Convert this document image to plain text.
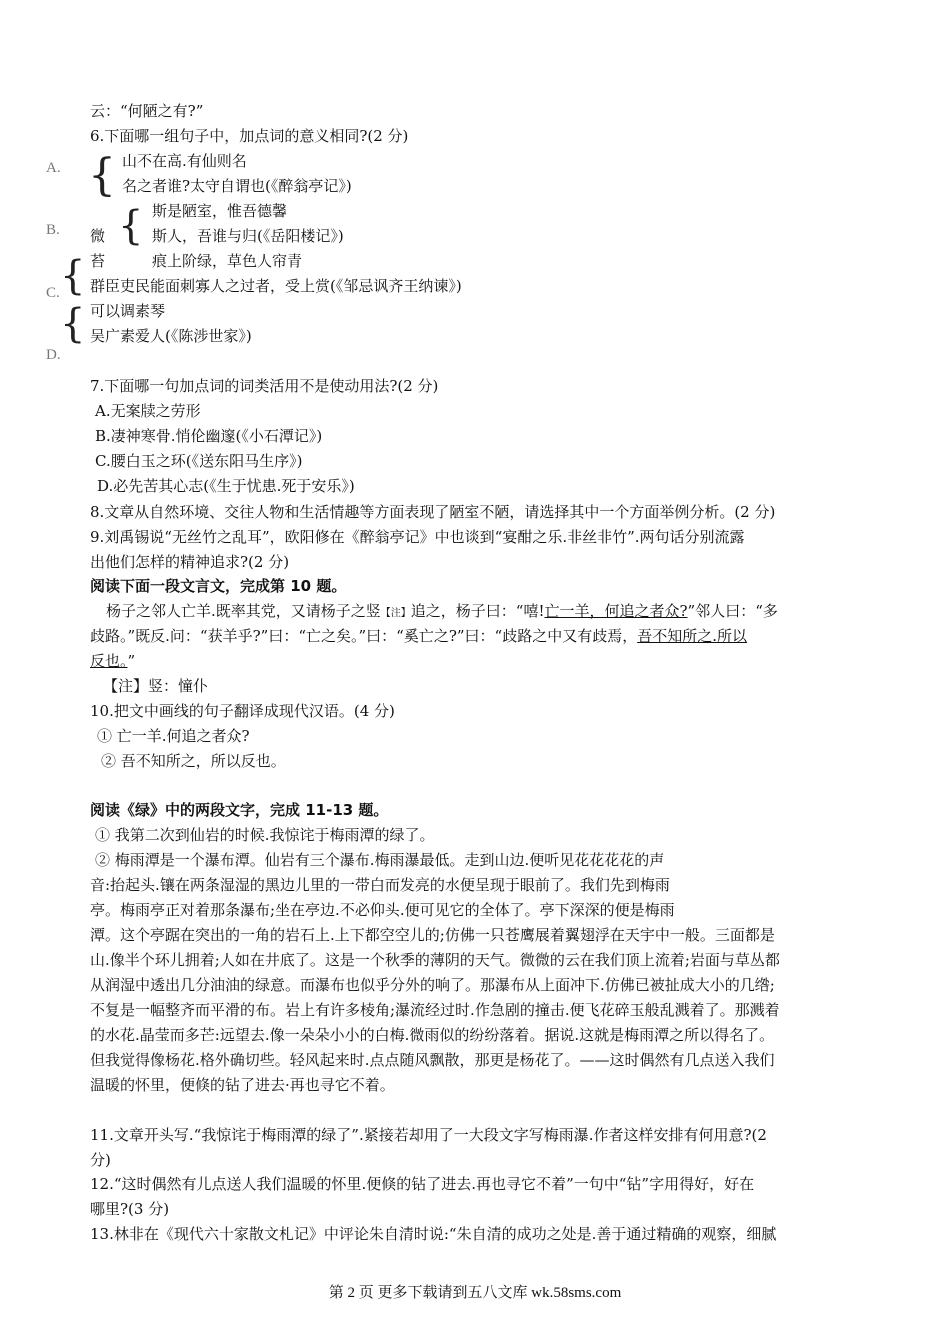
云：“何陋之有?”
6.下面哪一组句子中，加点词的意义相同?(2 分)
A.
B.
C.
D.
{ 山不在高.有仙则名
名之者谁?太守自谓也(《醉翁亭记》)
微 { 斯是陋室，惟吾德馨
斯人，吾谁与归(《岳阳楼记》)
{ 苔	痕上阶绿，草色人帘青
群臣吏民能面刺寡人之过者，受上赏(《邹忌讽齐王纳谏》)
{ 可以调素琴
吴广素爱人(《陈涉世家》)
7.下面哪一句加点词的词类活用不是使动用法?(2 分)
A.无案牍之劳形
B.凄神寒骨.悄伦幽邃(《小石潭记》)
C.腰白玉之环(《送东阳马生序》)
D.必先苦其心志(《生于忧患.死于安乐》)
8.文章从自然环境、交往人物和生活情趣等方面表现了陋室不陋，请选择其中一个方面举例分析。(2 分)
9.刘禹锡说“无丝竹之乱耳”，欧阳修在《醉翁亭记》中也谈到“宴酣之乐.非丝非竹”.两句话分别流露
出他们怎样的精神追求?(2 分)
阅读下面一段文言文，完成第 10 题。
杨子之邻人亡羊.既率其党，又请杨子之竖【注】追之，杨子曰：“嘻!亡一羊，何追之者众?”邻人曰：“多
歧路。”既反.问：“获羊乎?”曰：“亡之矣。”曰：“奚亡之?”曰：“歧路之中又有歧焉，吾不知所之.所以
反也。”
【注】竖：憧仆
10.把文中画线的句子翻译成现代汉语。(4 分)
① 亡一羊.何追之者众?
② 吾不知所之，所以反也。
阅读《绿》中的两段文字，完成 11-13 题。
① 我第二次到仙岩的时候.我惊诧于梅雨潭的绿了。
② 梅雨潭是一个瀑布潭。仙岩有三个瀑布.梅雨瀑最低。走到山边.便听见花花花花的声
音:抬起头.镶在两条湿湿的黑边儿里的一带白而发亮的水便呈现于眼前了。我们先到梅雨
亭。梅雨亭正对着那条瀑布;坐在亭边.不必仰头.便可见它的全体了。亭下深深的便是梅雨
潭。这个亭踞在突出的一角的岩石上.上下都空空儿的;仿佛一只苍鹰展着翼翅浮在天宇中一般。三面都是
山.像半个环儿拥着;人如在井底了。这是一个秋季的薄阴的天气。微微的云在我们顶上流着;岩面与草丛都
从润湿中透出几分油油的绿意。而瀑布也似乎分外的响了。那瀑布从上面冲下.仿佛已被扯成大小的几绺;
不复是一幅整齐而平滑的布。岩上有许多棱角;瀑流经过时.作急剧的撞击.便飞花碎玉般乱溅着了。那溅着
的水花.晶莹而多芒:远望去.像一朵朵小小的白梅.微雨似的纷纷落着。据说.这就是梅雨潭之所以得名了。
但我觉得像杨花.格外确切些。轻风起来时.点点随风飘散，那更是杨花了。——这时偶然有几点送入我们
温暖的怀里，便倏的钻了进去·再也寻它不着。
11.文章开头写.“我惊诧于梅雨潭的绿了”.紧接若却用了一大段文字写梅雨瀑.作者这样安排有何用意?(2
分)
12.“这时偶然有儿点送人我们温暖的怀里.便倏的钻了进去.再也寻它不着”一句中“钻”字用得好，好在
哪里?(3 分)
13.林非在《现代六十家散文札记》中评论朱自清时说:“朱自清的成功之处是.善于通过精确的观察，细腻
第 2 页 更多下载请到五八文库 wk.58sms.com
